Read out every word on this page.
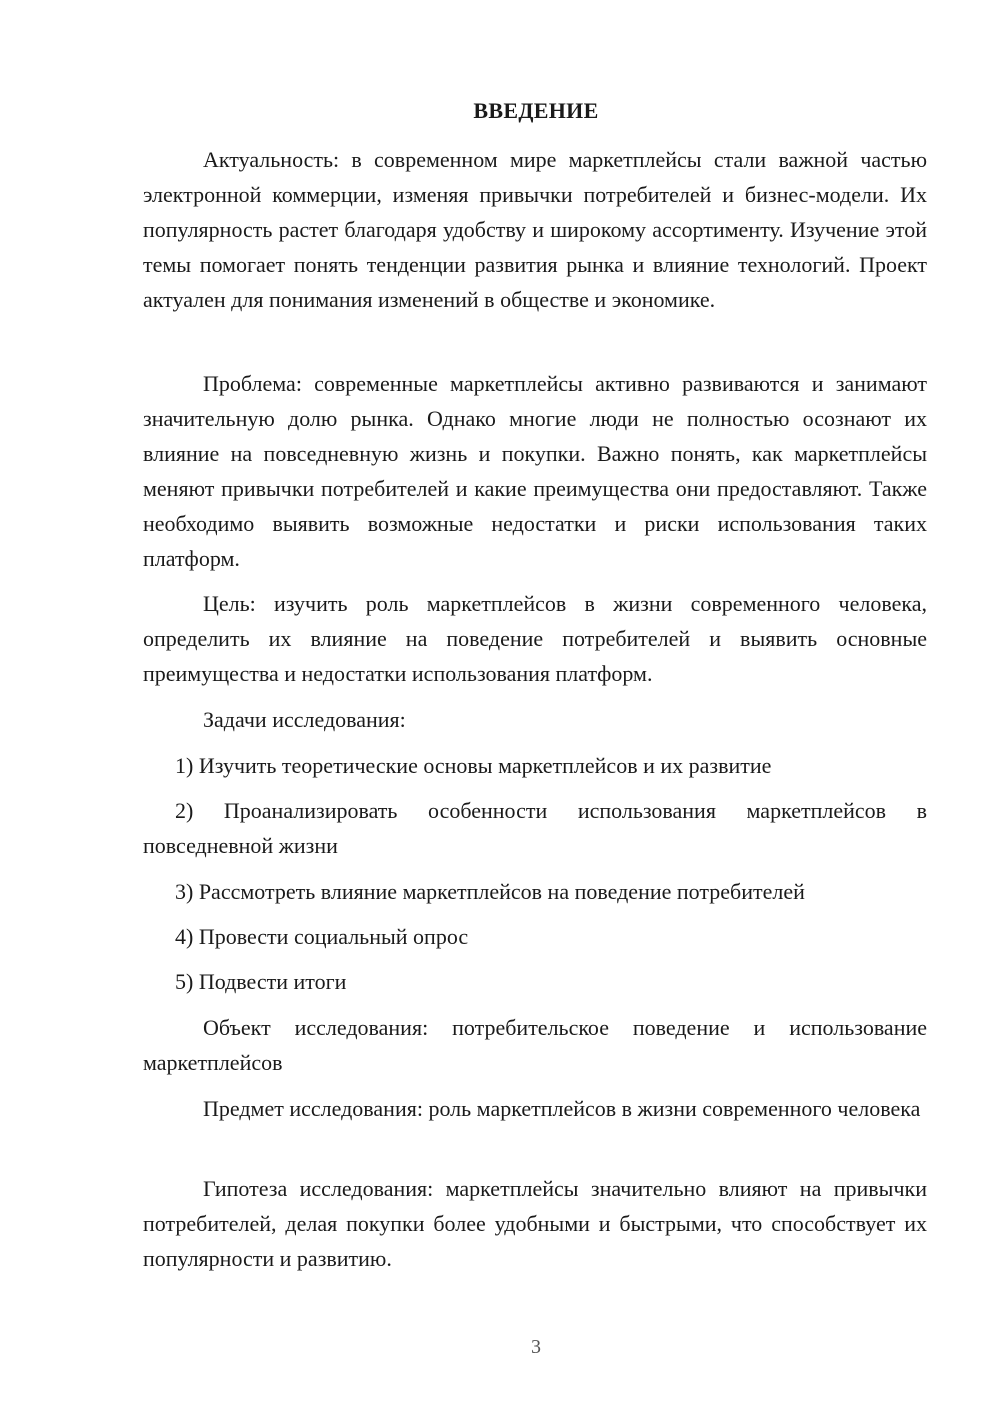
ВВЕДЕНИЕ

Актуальность: в современном мире маркетплейсы стали важной частью электронной коммерции, изменяя привычки потребителей и бизнес-модели. Их популярность растет благодаря удобству и широкому ассортименту. Изучение этой темы помогает понять тенденции развития рынка и влияние технологий. Проект актуален для понимания изменений в обществе и экономике.

Проблема: современные маркетплейсы активно развиваются и занимают значительную долю рынка. Однако многие люди не полностью осознают их влияние на повседневную жизнь и покупки. Важно понять, как маркетплейсы меняют привычки потребителей и какие преимущества они предоставляют. Также необходимо выявить возможные недостатки и риски использования таких платформ.

Цель: изучить роль маркетплейсов в жизни современного человека, определить их влияние на поведение потребителей и выявить основные преимущества и недостатки использования платформ.

Задачи исследования:

1) Изучить теоретические основы маркетплейсов и их развитие

2) Проанализировать особенности использования маркетплейсов в повседневной жизни

3) Рассмотреть влияние маркетплейсов на поведение потребителей

4) Провести социальный опрос

5) Подвести итоги

Объект исследования: потребительское поведение и использование маркетплейсов

Предмет исследования: роль маркетплейсов в жизни современного человека

Гипотеза исследования: маркетплейсы значительно влияют на привычки потребителей, делая покупки более удобными и быстрыми, что способствует их популярности и развитию.

3
